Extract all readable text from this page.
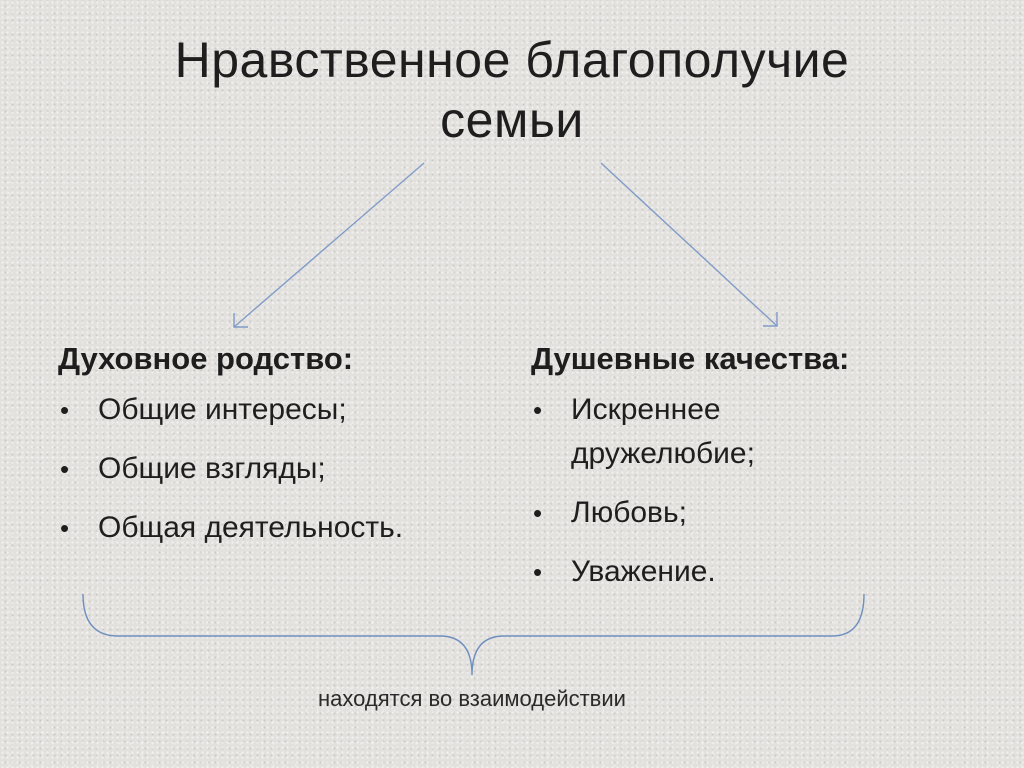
Нравственное благополучие
семьи
Духовное родство:
• Общие интересы;
• Общие взгляды;
• Общая деятельность.
Душевные качества:
• Искреннее дружелюбие;
• Любовь;
• Уважение.
находятся во взаимодействии
